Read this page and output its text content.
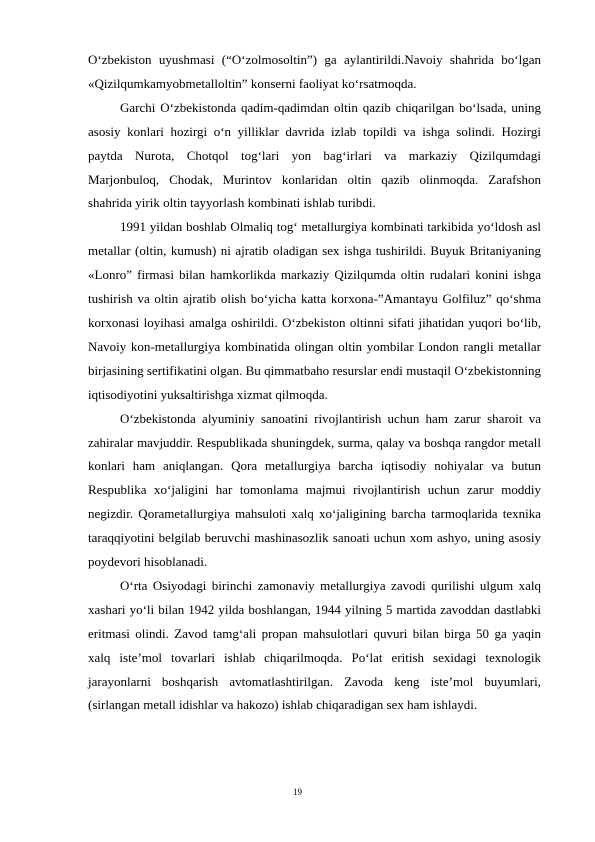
O‘zbekiston uyushmasi (“O‘zolmosoltin”) ga aylantirildi.Navoiy shahrida bo‘lgan «Qizilqumkamyobmetalloltin” konserni faoliyat ko‘rsatmoqda.

Garchi O‘zbekistonda qadim-qadimdan oltin qazib chiqarilgan bo‘lsada, uning asosiy konlari hozirgi o‘n yilliklar davrida izlab topildi va ishga solindi. Hozirgi paytda Nurota, Chotqol tog‘lari yon bag‘irlari va markaziy Qizilqumdagi Marjonbuloq, Chodak, Murintov konlaridan oltin qazib olinmoqda. Zarafshon shahrida yirik oltin tayyorlash kombinati ishlab turibdi.

1991 yildan boshlab Olmaliq tog‘ metallurgiya kombinati tarkibida yo‘ldosh asl metallar (oltin, kumush) ni ajratib oladigan sex ishga tushirildi. Buyuk Britaniyaning «Lonro” firmasi bilan hamkorlikda markaziy Qizilqumda oltin rudalari konini ishga tushirish va oltin ajratib olish bo‘yicha katta korxona-”Amantayu Golfiluz” qo‘shma korxonasi loyihasi amalga oshirildi. O‘zbekiston oltinni sifati jihatidan yuqori bo‘lib, Navoiy kon-metallurgiya kombinatida olingan oltin yombilar London rangli metallar birjasining sertifikatini olgan. Bu qimmatbaho resurslar endi mustaqil O‘zbekistonning iqtisodiyotini yuksaltirishga xizmat qilmoqda.

O‘zbekistonda alyuminiy sanoatini rivojlantirish uchun ham zarur sharoit va zahiralar mavjuddir. Respublikada shuningdek, surma, qalay va boshqa rangdor metall konlari ham aniqlangan. Qora metallurgiya barcha iqtisodiy nohiyalar va butun Respublika xo‘jaligini har tomonlama majmui rivojlantirish uchun zarur moddiy negizdir. Qorametallurgiya mahsuloti xalq xo‘jaligining barcha tarmoqlarida texnika taraqqiyotini belgilab beruvchi mashinasozlik sanoati uchun xom ashyo, uning asosiy poydevori hisoblanadi.

O‘rta Osiyodagi birinchi zamonaviy metallurgiya zavodi qurilishi ulgum xalq xashari yo‘li bilan 1942 yilda boshlangan, 1944 yilning 5 martida zavoddan dastlabki eritmasi olindi. Zavod tamg‘ali propan mahsulotlari quvuri bilan birga 50 ga yaqin xalq iste’mol tovarlari ishlab chiqarilmoqda. Po‘lat eritish sexidagi texnologik jarayonlarni boshqarish avtomatlashtirilgan. Zavoda keng iste’mol buyumlari, (sirlangan metall idishlar va hakozo) ishlab chiqaradigan sex ham ishlaydi.

19
